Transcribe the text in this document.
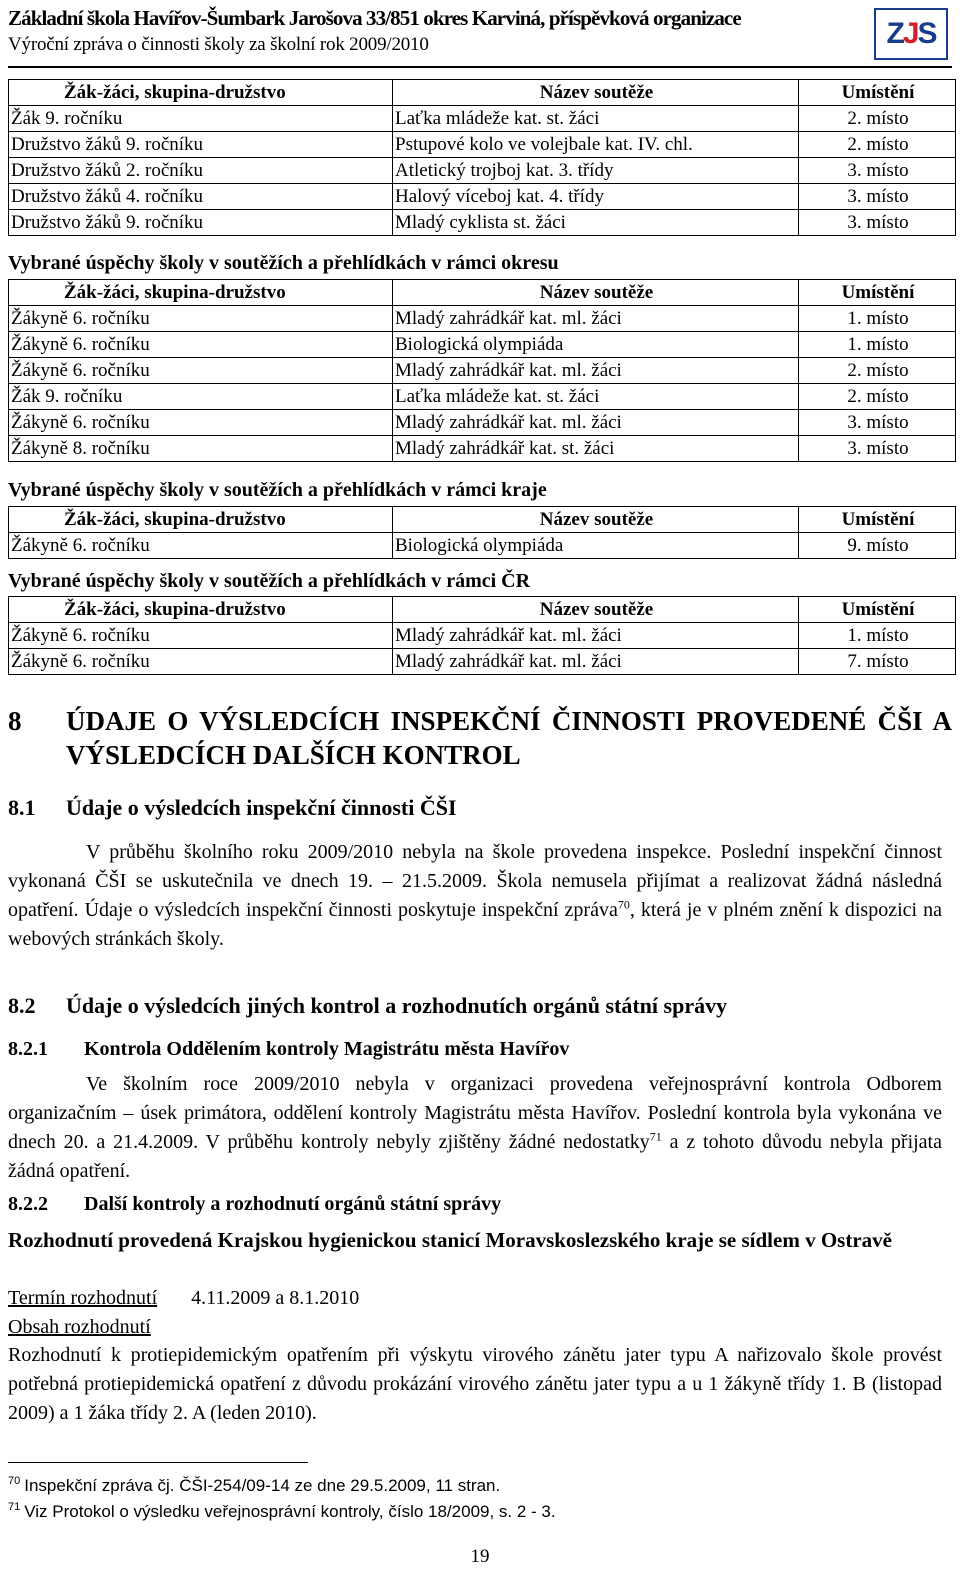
Základní škola Havířov-Šumbark Jarošova 33/851 okres Karviná, příspěvková organizace
Výroční zpráva o činnosti školy za školní rok 2009/2010	ZJS
Žák-žáci, skupina-družstvo	Název soutěže	Umístění
Žák 9. ročníku	Laťka mládeže kat. st. žáci	2. místo
Družstvo žáků 9. ročníku	Pstupové kolo ve volejbale kat. IV. chl.	2. místo
Družstvo žáků 2. ročníku	Atletický trojboj kat. 3. třídy	3. místo
Družstvo žáků 4. ročníku	Halový víceboj kat. 4. třídy	3. místo
Družstvo žáků 9. ročníku	Mladý cyklista st. žáci	3. místo
Vybrané úspěchy školy v soutěžích a přehlídkách v rámci okresu
Žák-žáci, skupina-družstvo	Název soutěže	Umístění
Žákyně 6. ročníku	Mladý zahrádkář kat. ml. žáci	1. místo
Žákyně 6. ročníku	Biologická olympiáda	1. místo
Žákyně 6. ročníku	Mladý zahrádkář kat. ml. žáci	2. místo
Žák 9. ročníku	Laťka mládeže kat. st. žáci	2. místo
Žákyně 6. ročníku	Mladý zahrádkář kat. ml. žáci	3. místo
Žákyně 8. ročníku	Mladý zahrádkář kat. st. žáci	3. místo
Vybrané úspěchy školy v soutěžích a přehlídkách v rámci kraje
Žák-žáci, skupina-družstvo	Název soutěže	Umístění
Žákyně 6. ročníku	Biologická olympiáda	9. místo
Vybrané úspěchy školy v soutěžích a přehlídkách v rámci ČR
Žák-žáci, skupina-družstvo	Název soutěže	Umístění
Žákyně 6. ročníku	Mladý zahrádkář kat. ml. žáci	1. místo
Žákyně 6. ročníku	Mladý zahrádkář kat. ml. žáci	7. místo
8 ÚDAJE O VÝSLEDCÍCH INSPEKČNÍ ČINNOSTI PROVEDENÉ ČŠI A VÝSLEDCÍCH DALŠÍCH KONTROL
8.1 Údaje o výsledcích inspekční činnosti ČŠI
V průběhu školního roku 2009/2010 nebyla na škole provedena inspekce. Poslední inspekční činnost vykonaná ČŠI se uskutečnila ve dnech 19. – 21.5.2009. Škola nemusela přijímat a realizovat žádná následná opatření. Údaje o výsledcích inspekční činnosti poskytuje inspekční zpráva$^{70}$, která je v plném znění k dispozici na webových stránkách školy.
8.2 Údaje o výsledcích jiných kontrol a rozhodnutích orgánů státní správy
8.2.1 Kontrola Oddělením kontroly Magistrátu města Havířov
Ve školním roce 2009/2010 nebyla v organizaci provedena veřejnosprávní kontrola Odborem organizačním – úsek primátora, oddělení kontroly Magistrátu města Havířov. Poslední kontrola byla vykonána ve dnech 20. a 21.4.2009. V průběhu kontroly nebyly zjištěny žádné nedostatky$^{71}$ a z tohoto důvodu nebyla přijata žádná opatření.
8.2.2 Další kontroly a rozhodnutí orgánů státní správy
Rozhodnutí provedená Krajskou hygienickou stanicí Moravskoslezského kraje se sídlem v Ostravě
Termín rozhodnutí 4.11.2009 a 8.1.2010
Obsah rozhodnutí
Rozhodnutí k protiepidemickým opatřením při výskytu virového zánětu jater typu A nařizovalo škole provést potřebná protiepidemická opatření z důvodu prokázání virového zánětu jater typu a u 1 žákyně třídy 1. B (listopad 2009) a 1 žáka třídy 2. A (leden 2010).
$^{70}$ Inspekční zpráva čj. ČŠI-254/09-14 ze dne 29.5.2009, 11 stran.
$^{71}$ Viz Protokol o výsledku veřejnosprávní kontroly, číslo 18/2009, s. 2 - 3.
19
